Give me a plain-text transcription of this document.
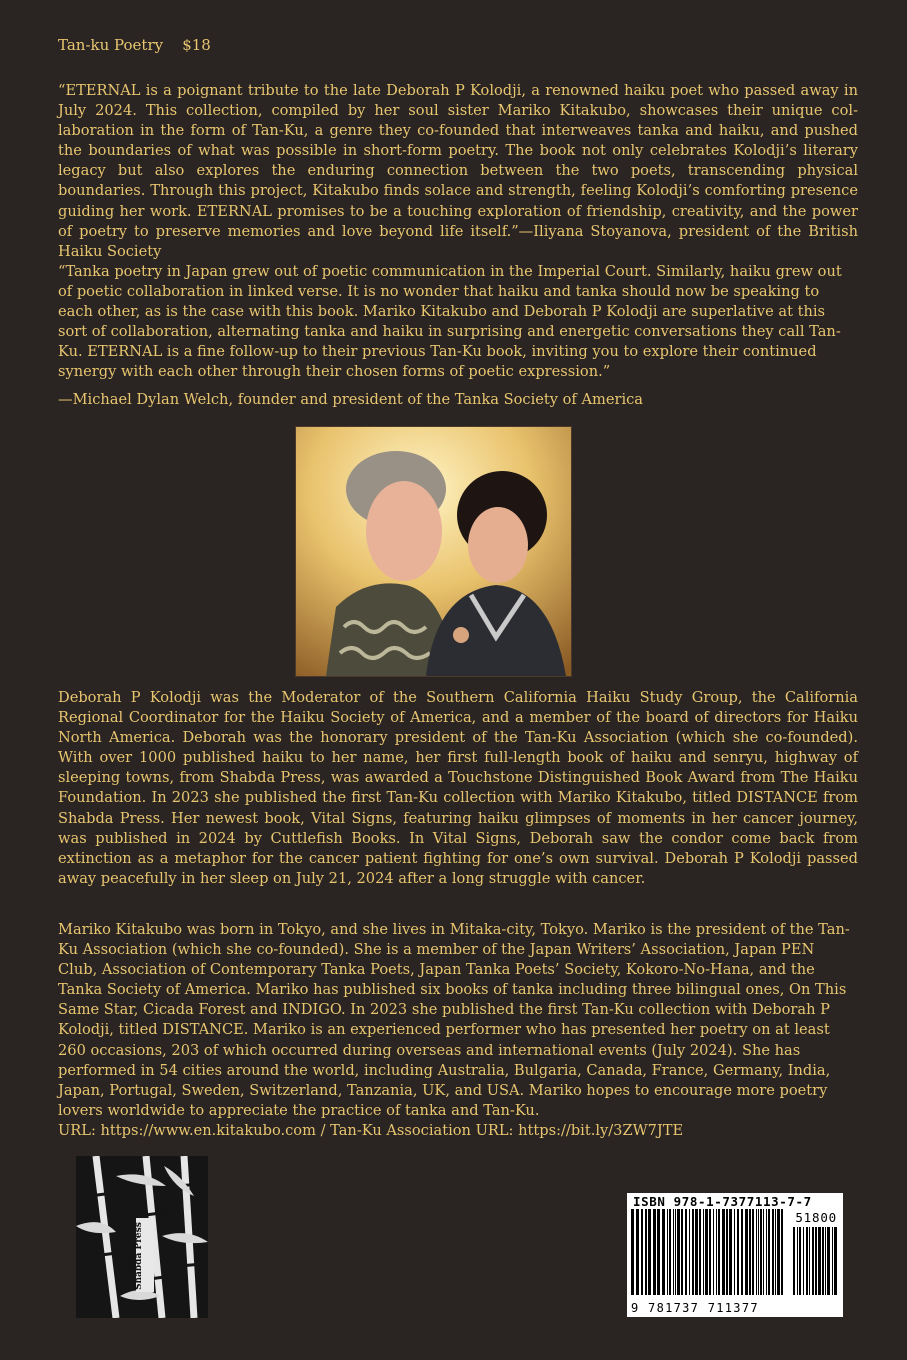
Tan-ku Poetry $18

“ETERNAL is a poignant tribute to the late Deborah P Kolodji, a renowned haiku poet who passed away in July 2024. This collection, compiled by her soul sister Mariko Kitakubo, showcases their unique collaboration in the form of Tan-Ku, a genre they co-founded that interweaves tanka and haiku, and pushed the boundaries of what was possible in short-form poetry. The book not only celebrates Kolodji’s literary legacy but also explores the enduring connection between the two poets, transcending physical boundaries. Through this project, Kitakubo finds solace and strength, feeling Kolodji’s comforting presence guiding her work. ETERNAL promises to be a touching exploration of friendship, creativity, and the power of poetry to preserve memories and love beyond life itself.”—Iliyana Stoyanova, president of the British Haiku Society

“Tanka poetry in Japan grew out of poetic communication in the Imperial Court. Similarly, haiku grew out of poetic collaboration in linked verse. It is no wonder that haiku and tanka should now be speaking to each other, as is the case with this book. Mariko Kitakubo and Deborah P Kolodji are superlative at this sort of collaboration, alternating tanka and haiku in surprising and energetic conversations they call Tan-Ku. ETERNAL is a fine follow-up to their previous Tan-Ku book, inviting you to explore their continued synergy with each other through their chosen forms of poetic expression.”

—Michael Dylan Welch, founder and president of the Tanka Society of America

Deborah P Kolodji was the Moderator of the Southern California Haiku Study Group, the California Regional Coordinator for the Haiku Society of America, and a member of the board of directors for Haiku North America. Deborah was the honorary president of the Tan-Ku Association (which she co-founded). With over 1000 published haiku to her name, her first full-length book of haiku and senryu, highway of sleeping towns, from Shabda Press, was awarded a Touchstone Distinguished Book Award from The Haiku Foundation. In 2023 she published the first Tan-Ku collection with Mariko Kitakubo, titled DISTANCE from Shabda Press. Her newest book, Vital Signs, featuring haiku glimpses of moments in her cancer journey, was published in 2024 by Cuttlefish Books. In Vital Signs, Deborah saw the condor come back from extinction as a metaphor for the cancer patient fighting for one’s own survival. Deborah P Kolodji passed away peacefully in her sleep on July 21, 2024 after a long struggle with cancer.

Mariko Kitakubo was born in Tokyo, and she lives in Mitaka-city, Tokyo. Mariko is the president of the Tan-Ku Association (which she co-founded). She is a member of the Japan Writers’ Association, Japan PEN Club, Association of Contemporary Tanka Poets, Japan Tanka Poets’ Society, Kokoro-No-Hana, and the Tanka Society of America. Mariko has published six books of tanka including three bilingual ones, On This Same Star, Cicada Forest and INDIGO. In 2023 she published the first Tan-Ku collection with Deborah P Kolodji, titled DISTANCE. Mariko is an experienced performer who has presented her poetry on at least 260 occasions, 203 of which occurred during overseas and international events (July 2024). She has performed in 54 cities around the world, including Australia, Bulgaria, Canada, France, Germany, India, Japan, Portugal, Sweden, Switzerland, Tanzania, UK, and USA. Mariko hopes to encourage more poetry lovers worldwide to appreciate the practice of tanka and Tan-Ku.

URL: https://www.en.kitakubo.com / Tan-Ku Association URL: https://bit.ly/3ZW7JTE
Shabda Press
ISBN 978-1-7377113-7-7
51800
9 781737 711377
